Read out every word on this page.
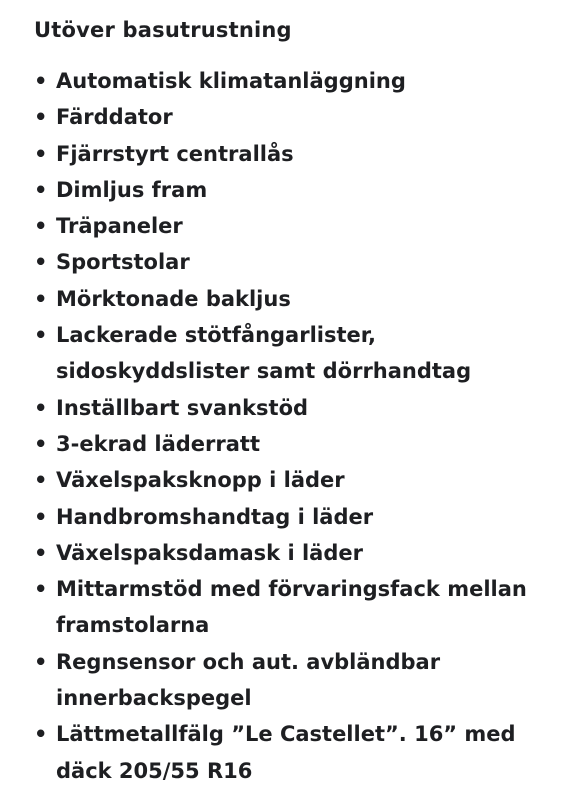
Utöver basutrustning
• Automatisk klimatanläggning
• Färddator
• Fjärrstyrt centrallås
• Dimljus fram
• Träpaneler
• Sportstolar
• Mörktonade bakljus
• Lackerade stötfångarlister,
sidoskyddslister samt dörrhandtag
• Inställbart svankstöd
• 3-ekrad läderratt
• Växelspaksknopp i läder
• Handbromshandtag i läder
• Växelspaksdamask i läder
• Mittarmstöd med förvaringsfack mellan
framstolarna
• Regnsensor och aut. avbländbar
innerbackspegel
• Lättmetallfälg ”Le Castellet”. 16” med
däck 205/55 R16
